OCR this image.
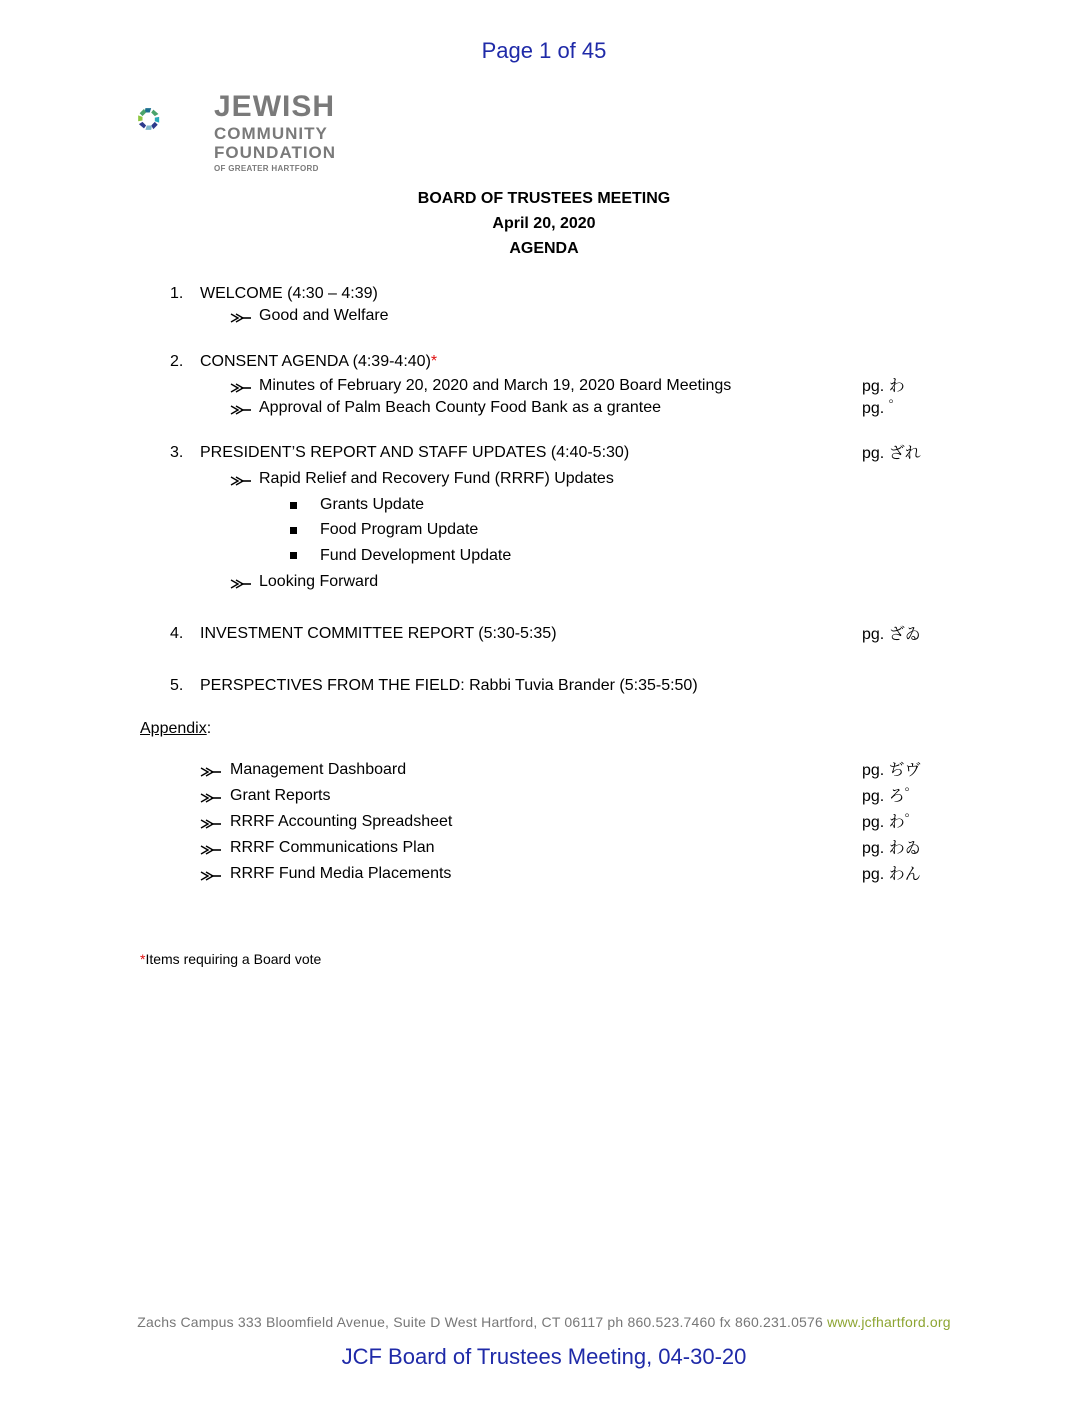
Page 1 of 45
JEWISH
COMMUNITY
FOUNDATION
OF GREATER HARTFORD
BOARD OF TRUSTEES MEETING
April 20, 2020
AGENDA
1.	WELCOME (4:30 – 4:39)
Good and Welfare
2.	CONSENT AGENDA (4:39-4:40)*
Minutes of February 20, 2020 and March 19, 2020 Board Meetings	pg. わ
Approval of Palm Beach County Food Bank as a grantee	pg. ゜
3.	PRESIDENT’S REPORT AND STAFF UPDATES (4:40-5:30)	pg. ざれ
Rapid Relief and Recovery Fund (RRRF) Updates
Grants Update
Food Program Update
Fund Development Update
Looking Forward
4.	INVESTMENT COMMITTEE REPORT (5:30-5:35)	pg. ざゐ
5.	PERSPECTIVES FROM THE FIELD: Rabbi Tuvia Brander (5:35-5:50)
Appendix:
Management Dashboard	pg. ぢヴ
Grant Reports	pg. ろ゜
RRRF Accounting Spreadsheet	pg. わ゜
RRRF Communications Plan	pg. わゐ
RRRF Fund Media Placements	pg. わん
*Items requiring a Board vote
Zachs Campus 333 Bloomfield Avenue, Suite D West Hartford, CT 06117 ph 860.523.7460 fx 860.231.0576 www.jcfhartford.org
JCF Board of Trustees Meeting, 04-30-20
